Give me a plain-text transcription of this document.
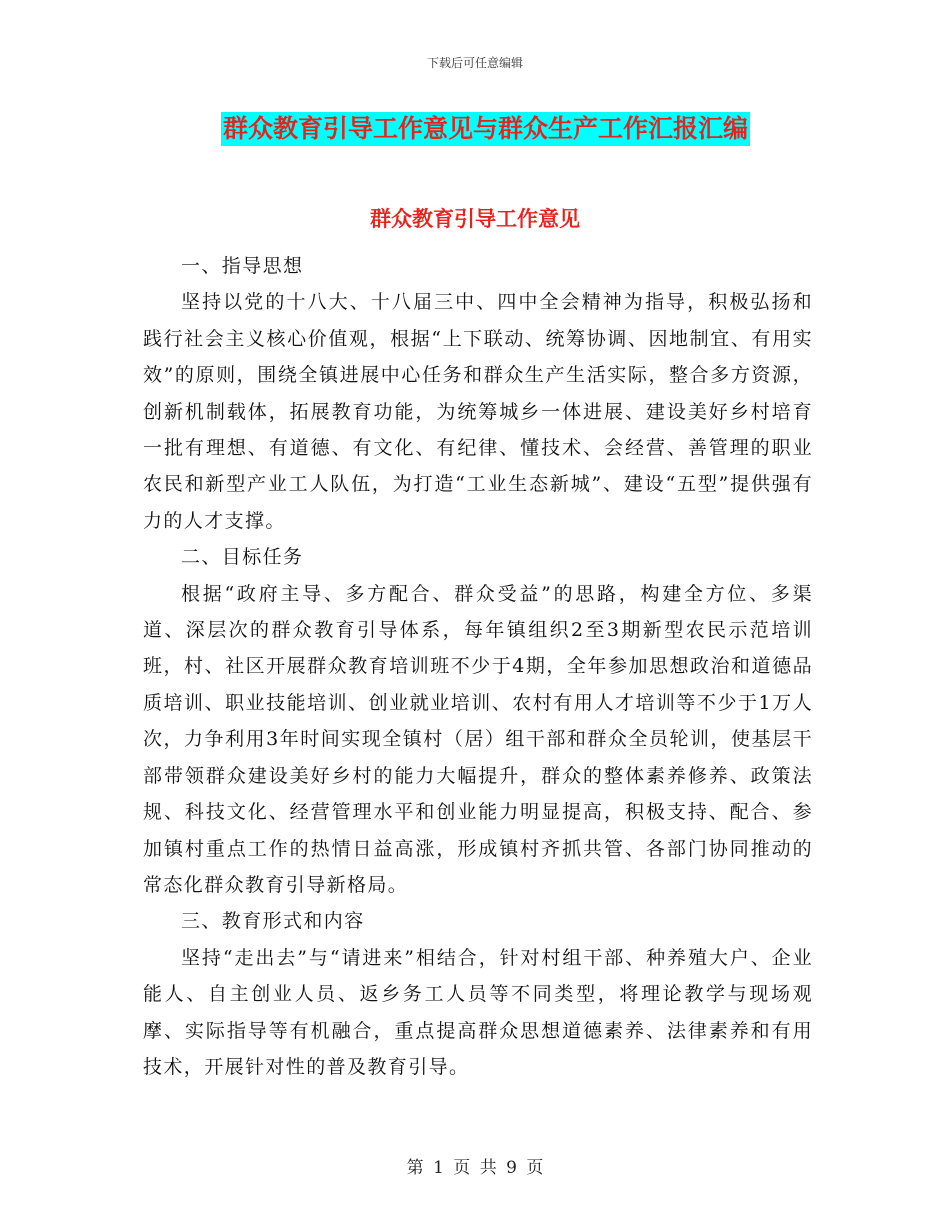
下载后可任意编辑
群众教育引导工作意见与群众生产工作汇报汇编
群众教育引导工作意见

一、指导思想

坚持以党的十八大、十八届三中、四中全会精神为指导，积极弘扬和践行社会主义核心价值观，根据“上下联动、统筹协调、因地制宜、有用实效”的原则，围绕全镇进展中心任务和群众生产生活实际，整合多方资源，创新机制载体，拓展教育功能，为统筹城乡一体进展、建设美好乡村培育一批有理想、有道德、有文化、有纪律、懂技术、会经营、善管理的职业农民和新型产业工人队伍，为打造“工业生态新城”、建设“五型”提供强有力的人才支撑。

二、目标任务

根据“政府主导、多方配合、群众受益”的思路，构建全方位、多渠道、深层次的群众教育引导体系，每年镇组织2至3期新型农民示范培训班，村、社区开展群众教育培训班不少于4期，全年参加思想政治和道德品质培训、职业技能培训、创业就业培训、农村有用人才培训等不少于1万人次，力争利用3年时间实现全镇村（居）组干部和群众全员轮训，使基层干部带领群众建设美好乡村的能力大幅提升，群众的整体素养修养、政策法规、科技文化、经营管理水平和创业能力明显提高，积极支持、配合、参加镇村重点工作的热情日益高涨，形成镇村齐抓共管、各部门协同推动的常态化群众教育引导新格局。

三、教育形式和内容

坚持“走出去”与“请进来”相结合，针对村组干部、种养殖大户、企业能人、自主创业人员、返乡务工人员等不同类型，将理论教学与现场观摩、实际指导等有机融合，重点提高群众思想道德素养、法律素养和有用技术，开展针对性的普及教育引导。

第 1 页 共 9 页
